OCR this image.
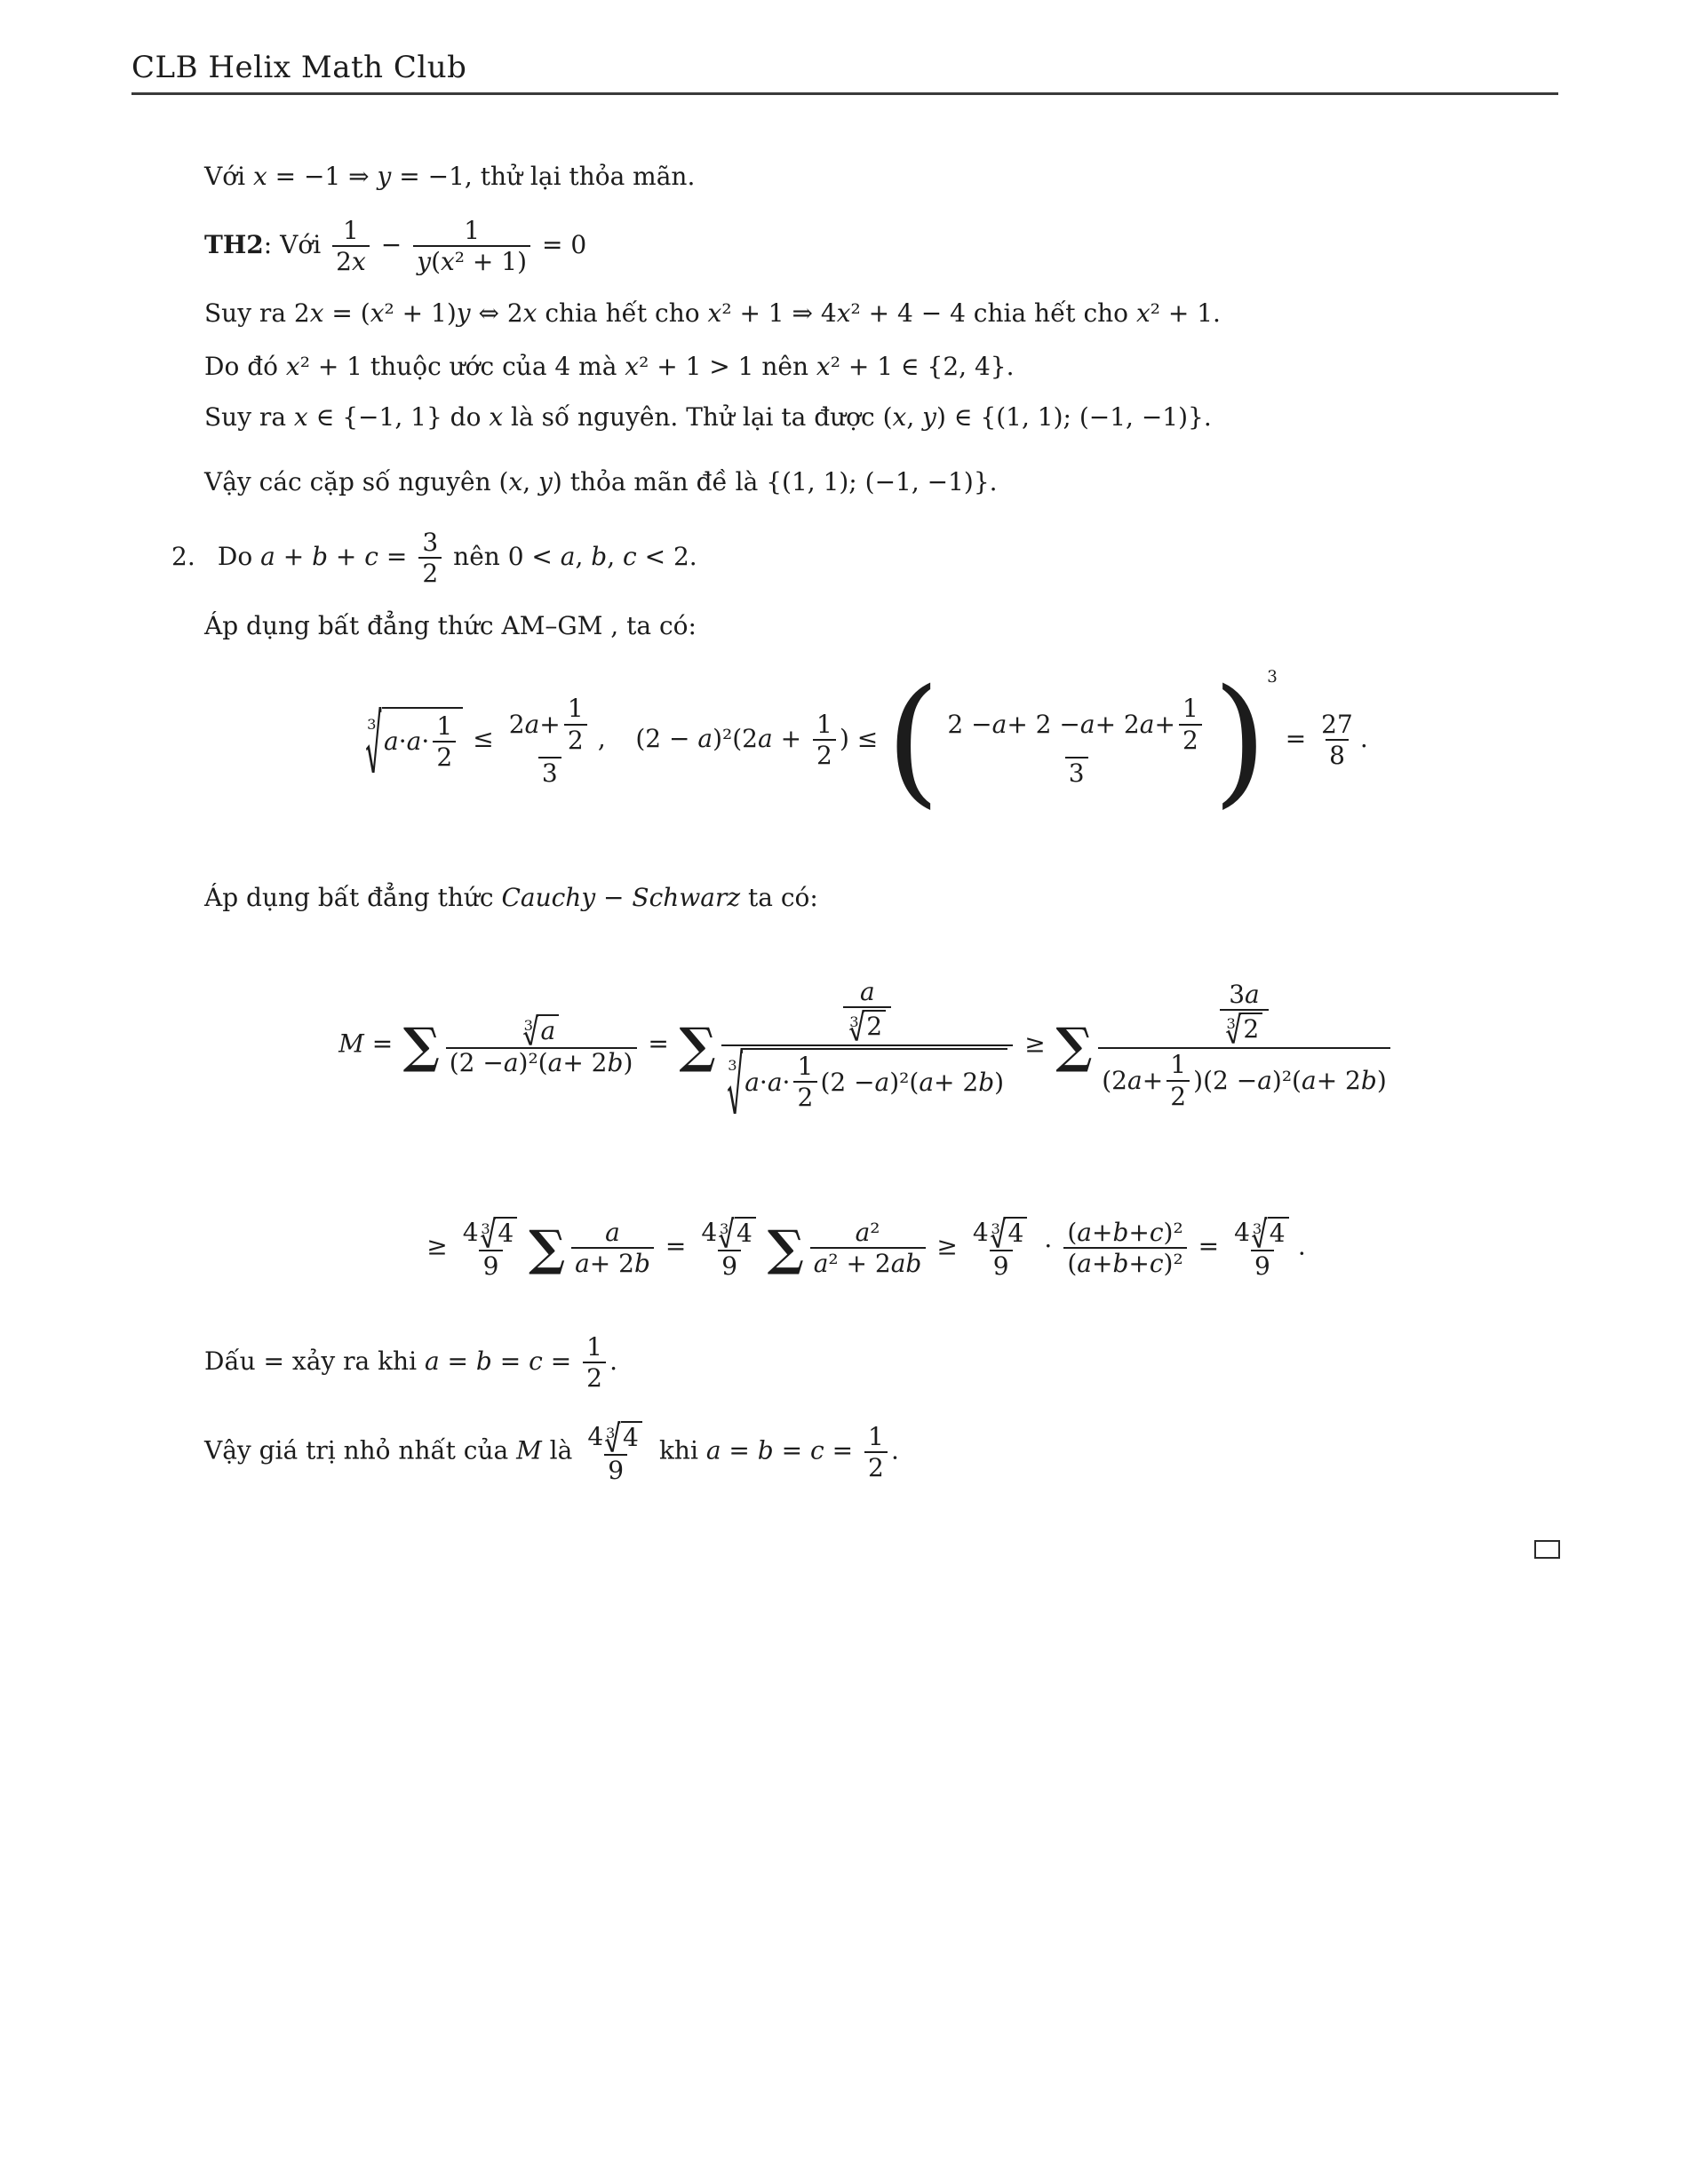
CLB Helix Math Club
Với x = −1 ⇒ y = −1, thử lại thỏa mãn.
TH2: Với $\frac{1}{2 x} - \frac{1}{\text{y ( x ² + 1)}} = 0$
Suy ra 2x = (x² + 1)y ⇔ 2x chia hết cho x² + 1 ⇒ 4x² + 4 − 4 chia hết cho x² + 1.
Do đó x² + 1 thuộc ước của 4 mà x² + 1 > 1 nên x² + 1 ∈ {2, 4}.
Suy ra x ∈ {−1, 1} do x là số nguyên. Thử lại ta được (x, y) ∈ {(1, 1); (−1, −1)}.
Vậy các cặp số nguyên (x, y) thỏa mãn đề là {(1, 1); (−1, −1)}.
2. Do $a + b + c = \frac{3}{2}$ nên 0 < a, b, c < 2.
Áp dụng bất đẳng thức AM–GM , ta có:
3
$a \cdot a \cdot \frac{1}{2} \le \frac{2 a + \frac{1}{2}}{3}$ , $(2 - a)^2(2a + \frac{1}{2}$ ) ≤ ( $\frac{2 - a + 2 - a + 2 a + \frac{1}{2}}{3} )3 = \frac{27}{8}$ .
Áp dụng bất đẳng thức Cauchy − Schwarz ta có:
M = ∑ $\frac{3 a}{\text{(2 − a )²( a + 2 b )}}$ = ∑ $\frac{a}{3 2}$
3
$a \cdot a \cdot \frac{1}{2} (2 - a$ )²( a + 2 b ) ≥ ∑ $\frac{\frac{3 a}{3 2}}{(2 a + \frac{1}{2} )(2 - a )^2( a + 2 b )}$
≥ $\frac{4 3 4}{9}$ ∑ $\frac{a}{a + 2 b} = \frac{4 3 4}{9}$ ∑ $\frac{\text{a ²}}{\text{a ² + 2 a b}} \ge \frac{4 3 4}{9} \cdot \frac{\text{( a + b + c )²}}{\text{( a + b + c )²}} = \frac{4 3 4}{9}$ .
Dấu = xảy ra khi $a = b = c = \frac{1}{2}$ .
Vậy giá trị nhỏ nhất của M là $\frac{4 3 4}{9}$ khi $a = b = c = \frac{1}{2}$ .
